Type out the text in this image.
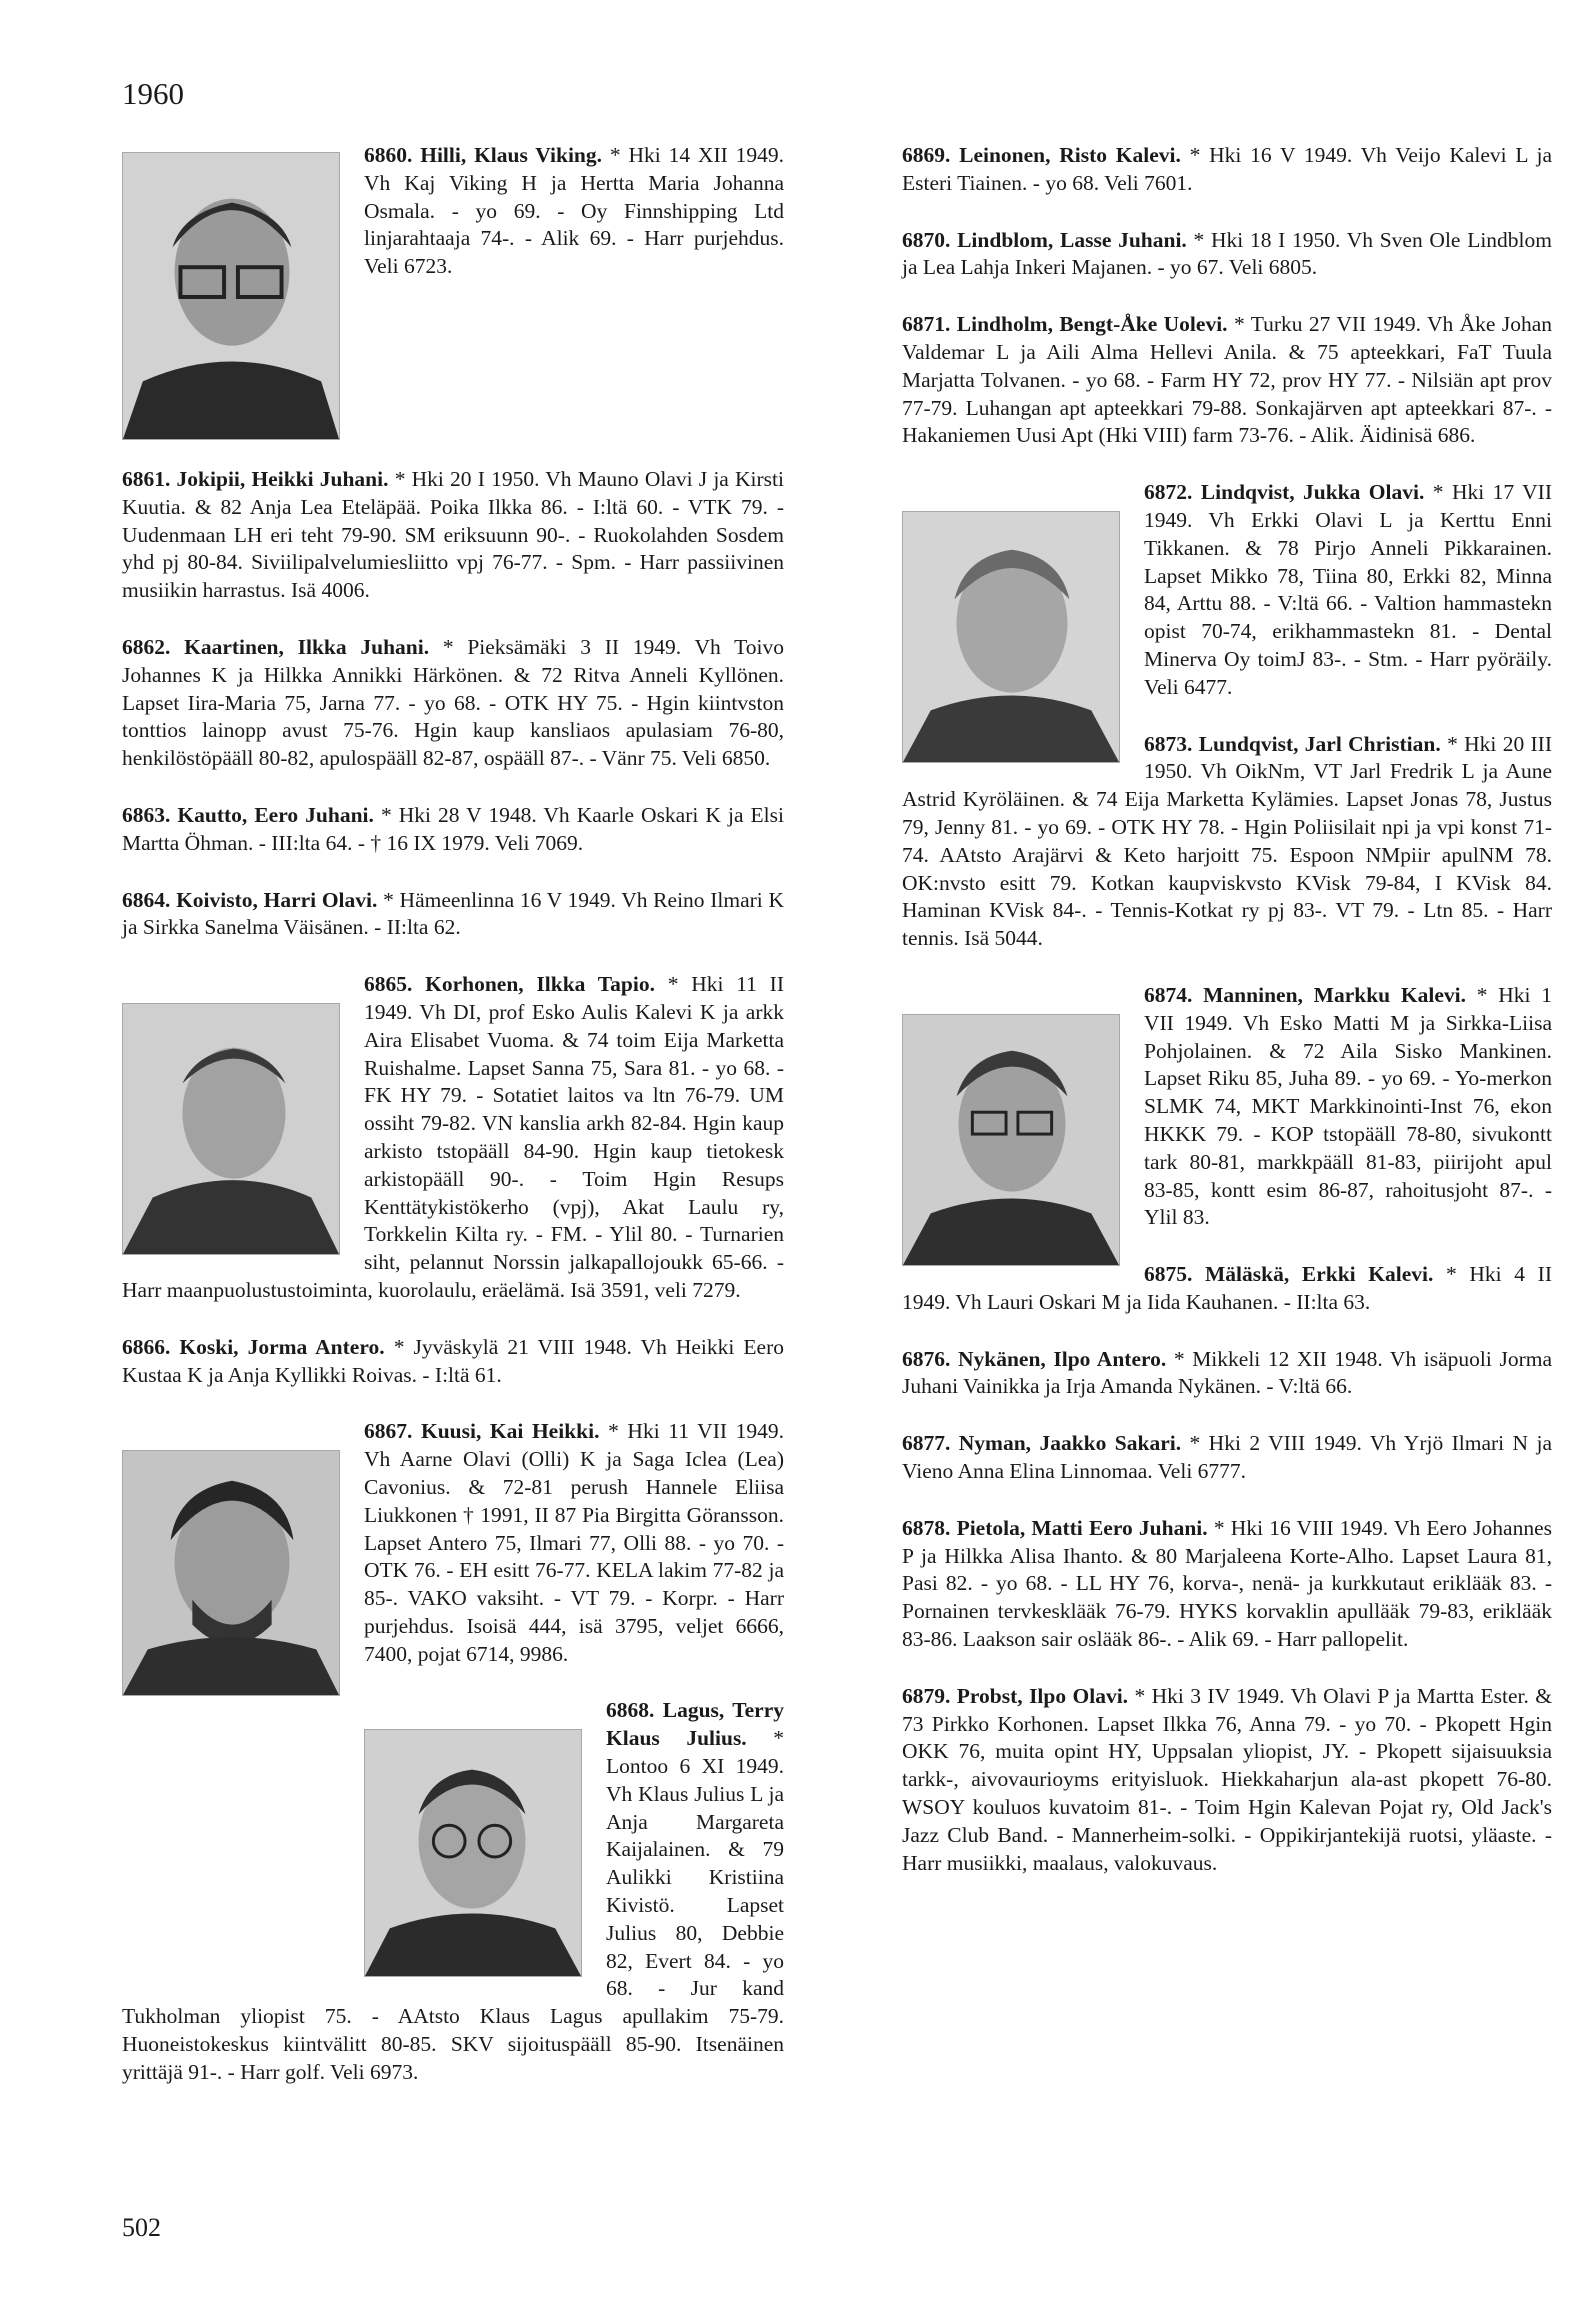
1960
6860. Hilli, Klaus Viking. * Hki 14 XII 1949. Vh Kaj Viking H ja Hertta Maria Johanna Osmala. - yo 69. - Oy Finnshipping Ltd linjarahtaaja 74-. - Alik 69. - Harr purjehdus. Veli 6723.
6861. Jokipii, Heikki Juhani. * Hki 20 I 1950. Vh Mauno Olavi J ja Kirsti Kuutia. & 82 Anja Lea Eteläpää. Poika Ilkka 86. - I:ltä 60. - VTK 79. - Uudenmaan LH eri teht 79-90. SM eriksuunn 90-. - Ruokolahden Sosdem yhd pj 80-84. Siviilipalvelumiesliitto vpj 76-77. - Spm. - Harr passiivinen musiikin harrastus. Isä 4006.
6862. Kaartinen, Ilkka Juhani. * Pieksämäki 3 II 1949. Vh Toivo Johannes K ja Hilkka Annikki Härkönen. & 72 Ritva Anneli Kyllönen. Lapset Iira-Maria 75, Jarna 77. - yo 68. - OTK HY 75. - Hgin kiintvston tonttios lainopp avust 75-76. Hgin kaup kansliaos apulasiam 76-80, henkilöstöpääll 80-82, apulospääll 82-87, ospääll 87-. - Vänr 75. Veli 6850.
6863. Kautto, Eero Juhani. * Hki 28 V 1948. Vh Kaarle Oskari K ja Elsi Martta Öhman. - III:lta 64. - † 16 IX 1979. Veli 7069.
6864. Koivisto, Harri Olavi. * Hämeenlinna 16 V 1949. Vh Reino Ilmari K ja Sirkka Sanelma Väisänen. - II:lta 62.
6865. Korhonen, Ilkka Tapio. * Hki 11 II 1949. Vh DI, prof Esko Aulis Kalevi K ja arkk Aira Elisabet Vuoma. & 74 toim Eija Marketta Ruishalme. Lapset Sanna 75, Sara 81. - yo 68. - FK HY 79. - Sotatiet laitos va ltn 76-79. UM ossiht 79-82. VN kanslia arkh 82-84. Hgin kaup arkisto tstopääll 84-90. Hgin kaup tietokesk arkistopääll 90-. - Toim Hgin Resups Kenttätykistökerho (vpj), Akat Laulu ry, Torkkelin Kilta ry. - FM. - Ylil 80. - Turnarien siht, pelannut Norssin jalkapallojoukk 65-66. - Harr maanpuolustustoiminta, kuorolaulu, eräelämä. Isä 3591, veli 7279.
6866. Koski, Jorma Antero. * Jyväskylä 21 VIII 1948. Vh Heikki Eero Kustaa K ja Anja Kyllikki Roivas. - I:ltä 61.
6867. Kuusi, Kai Heikki. * Hki 11 VII 1949. Vh Aarne Olavi (Olli) K ja Saga Iclea (Lea) Cavonius. & 72-81 perush Hannele Eliisa Liukkonen † 1991, II 87 Pia Birgitta Göransson. Lapset Antero 75, Ilmari 77, Olli 88. - yo 70. - OTK 76. - EH esitt 76-77. KELA lakim 77-82 ja 85-. VAKO vaksiht. - VT 79. - Korpr. - Harr purjehdus. Isoisä 444, isä 3795, veljet 6666, 7400, pojat 6714, 9986.
6868. Lagus, Terry Klaus Julius. * Lontoo 6 XI 1949. Vh Klaus Julius L ja Anja Margareta Kaijalainen. & 79 Aulikki Kristiina Kivistö. Lapset Julius 80, Debbie 82, Evert 84. - yo 68. - Jur kand Tukholman yliopist 75. - AAtsto Klaus Lagus apullakim 75-79. Huoneistokeskus kiintvälitt 80-85. SKV sijoituspääll 85-90. Itsenäinen yrittäjä 91-. - Harr golf. Veli 6973.
6869. Leinonen, Risto Kalevi. * Hki 16 V 1949. Vh Veijo Kalevi L ja Esteri Tiainen. - yo 68. Veli 7601.
6870. Lindblom, Lasse Juhani. * Hki 18 I 1950. Vh Sven Ole Lindblom ja Lea Lahja Inkeri Majanen. - yo 67. Veli 6805.
6871. Lindholm, Bengt-Åke Uolevi. * Turku 27 VII 1949. Vh Åke Johan Valdemar L ja Aili Alma Hellevi Anila. & 75 apteekkari, FaT Tuula Marjatta Tolvanen. - yo 68. - Farm HY 72, prov HY 77. - Nilsiän apt prov 77-79. Luhangan apt apteekkari 79-88. Sonkajärven apt apteekkari 87-. - Hakaniemen Uusi Apt (Hki VIII) farm 73-76. - Alik. Äidinisä 686.
6872. Lindqvist, Jukka Olavi. * Hki 17 VII 1949. Vh Erkki Olavi L ja Kerttu Enni Tikkanen. & 78 Pirjo Anneli Pikkarainen. Lapset Mikko 78, Tiina 80, Erkki 82, Minna 84, Arttu 88. - V:ltä 66. - Valtion hammastekn opist 70-74, erikhammastekn 81. - Dental Minerva Oy toimJ 83-. - Stm. - Harr pyöräily. Veli 6477.
6873. Lundqvist, Jarl Christian. * Hki 20 III 1950. Vh OikNm, VT Jarl Fredrik L ja Aune Astrid Kyröläinen. & 74 Eija Marketta Kylämies. Lapset Jonas 78, Justus 79, Jenny 81. - yo 69. - OTK HY 78. - Hgin Poliisilait npi ja vpi konst 71-74. AAtsto Arajärvi & Keto harjoitt 75. Espoon NMpiir apulNM 78. OK:nvsto esitt 79. Kotkan kaupviskvsto KVisk 79-84, I KVisk 84. Haminan KVisk 84-. - Tennis-Kotkat ry pj 83-. VT 79. - Ltn 85. - Harr tennis. Isä 5044.
6874. Manninen, Markku Kalevi. * Hki 1 VII 1949. Vh Esko Matti M ja Sirkka-Liisa Pohjolainen. & 72 Aila Sisko Mankinen. Lapset Riku 85, Juha 89. - yo 69. - Yo-merkon SLMK 74, MKT Markkinointi-Inst 76, ekon HKKK 79. - KOP tstopääll 78-80, sivukontt tark 80-81, markkpääll 81-83, piirijoht apul 83-85, kontt esim 86-87, rahoitusjoht 87-. - Ylil 83.
6875. Mäläskä, Erkki Kalevi. * Hki 4 II 1949. Vh Lauri Oskari M ja Iida Kauhanen. - II:lta 63.
6876. Nykänen, Ilpo Antero. * Mikkeli 12 XII 1948. Vh isäpuoli Jorma Juhani Vainikka ja Irja Amanda Nykänen. - V:ltä 66.
6877. Nyman, Jaakko Sakari. * Hki 2 VIII 1949. Vh Yrjö Ilmari N ja Vieno Anna Elina Linnomaa. Veli 6777.
6878. Pietola, Matti Eero Juhani. * Hki 16 VIII 1949. Vh Eero Johannes P ja Hilkka Alisa Ihanto. & 80 Marjaleena Korte-Alho. Lapset Laura 81, Pasi 82. - yo 68. - LL HY 76, korva-, nenä- ja kurkkutaut eriklääk 83. - Pornainen tervkesklääk 76-79. HYKS korvaklin apullääk 79-83, eriklääk 83-86. Laakson sair oslääk 86-. - Alik 69. - Harr pallopelit.
6879. Probst, Ilpo Olavi. * Hki 3 IV 1949. Vh Olavi P ja Martta Ester. & 73 Pirkko Korhonen. Lapset Ilkka 76, Anna 79. - yo 70. - Pkopett Hgin OKK 76, muita opint HY, Uppsalan yliopist, JY. - Pkopett sijaisuuksia tarkk-, aivovaurioyms erityisluok. Hiekkaharjun ala-ast pkopett 76-80. WSOY kouluos kuvatoim 81-. - Toim Hgin Kalevan Pojat ry, Old Jack's Jazz Club Band. - Mannerheim-solki. - Oppikirjantekijä ruotsi, yläaste. - Harr musiikki, maalaus, valokuvaus.
502
